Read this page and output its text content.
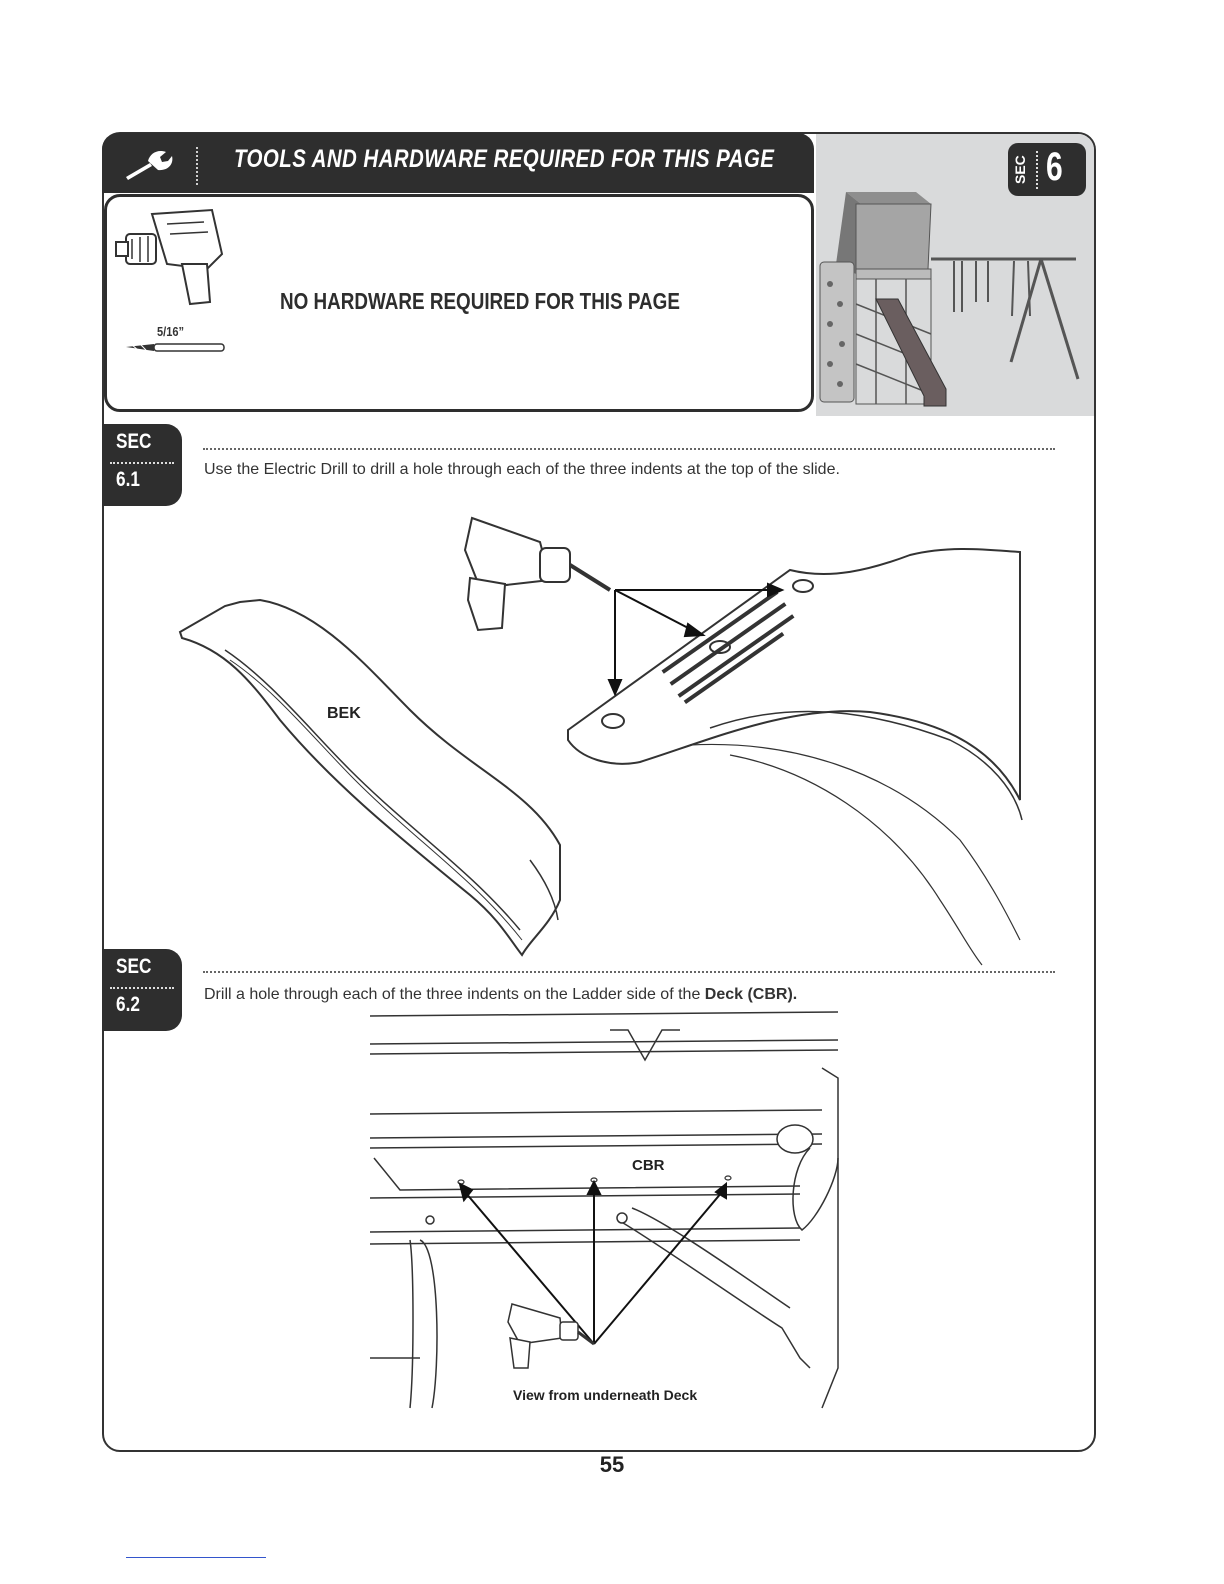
TOOLS AND HARDWARE REQUIRED FOR THIS PAGE
5/16”
NO HARDWARE REQUIRED FOR THIS PAGE
SEC 6
SEC
6.1	Use the Electric Drill to drill a hole through each of the three indents at the top of the slide.
BEK
SEC
6.2	Drill a hole through each of the three indents on the Ladder side of the Deck (CBR).
CBR
View from underneath Deck
55
